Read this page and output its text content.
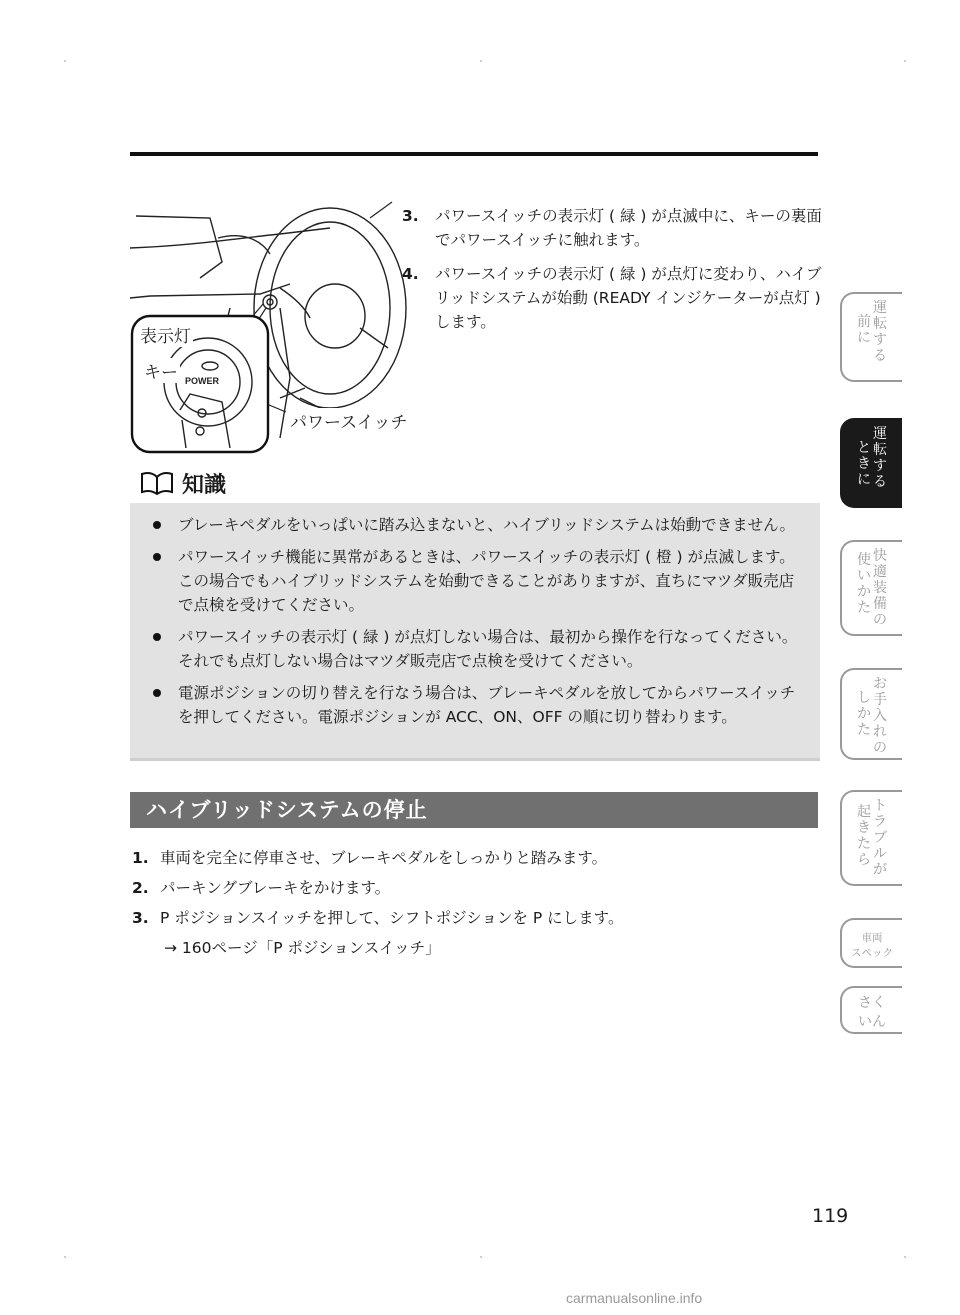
POWER
表示灯
キー
パワースイッチ
3. パワースイッチの表示灯 ( 緑 ) が点滅中に、キーの裏面でパワースイッチに触れます。
4. パワースイッチの表示灯 ( 緑 ) が点灯に変わり、ハイブリッドシステムが始動 (READY インジケーターが点灯 ) します。
知識
ブレーキペダルをいっぱいに踏み込まないと、ハイブリッドシステムは始動できません。
パワースイッチ機能に異常があるときは、パワースイッチの表示灯 ( 橙 ) が点滅します。この場合でもハイブリッドシステムを始動できることがありますが、直ちにマツダ販売店で点検を受けてください。
パワースイッチの表示灯 ( 緑 ) が点灯しない場合は、最初から操作を行なってください。それでも点灯しない場合はマツダ販売店で点検を受けてください。
電源ポジションの切り替えを行なう場合は、ブレーキペダルを放してからパワースイッチを押してください。電源ポジションが ACC、ON、OFF の順に切り替わります。
ハイブリッドシステムの停止
1. 車両を完全に停車させ、ブレーキペダルをしっかりと踏みます。
2. パーキングブレーキをかけます。
3. P ポジションスイッチを押して、シフトポジションを P にします。
→ 160ページ「P ポジションスイッチ」
運
転
す
る
前
に
運
転
す
る
と
き
に
快
適
装
備
の
使
い
か
た
お
手
入
れ
の
し
か
た
ト
ラ
ブ
ル
が
起
き
た
ら
車両
スペック
さく
いん
119
carmanualsonline.info
